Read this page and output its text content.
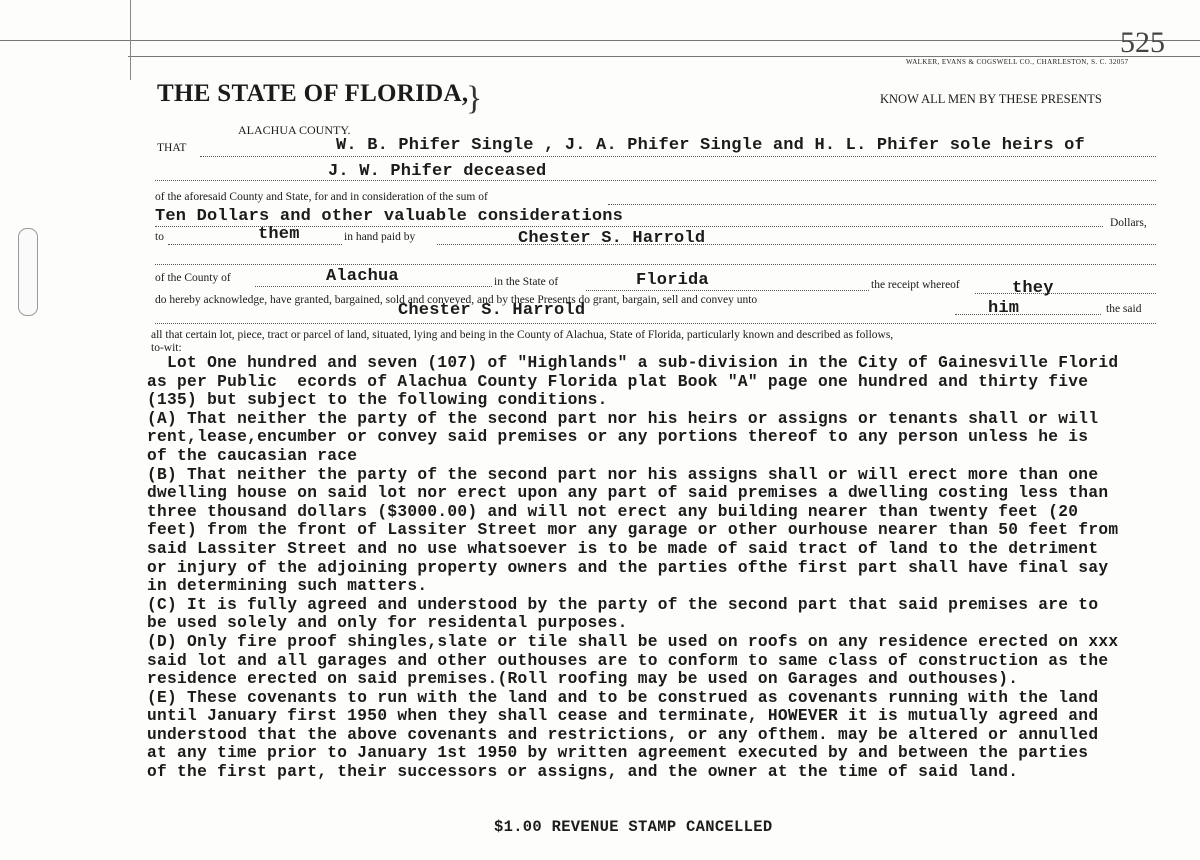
525
WALKER, EVANS & COGSWELL CO., CHARLESTON, S. C. 32057
THE STATE OF FLORIDA,
}
ALACHUA COUNTY.
KNOW ALL MEN BY THESE PRESENTS
THAT	W. B. Phifer Single , J. A. Phifer Single and H. L. Phifer sole heirs of
J. W. Phifer deceased
of the aforesaid County and State, for and in consideration of the sum of
Ten Dollars and other valuable considerations	Dollars,
to	them	in hand paid by	Chester S. Harrold
of the County of	Alachua	in the State of	Florida	the receipt whereof	they
do hereby acknowledge, have granted, bargained, sold and conveyed, and by these Presents do grant, bargain, sell and convey unto
Chester S. Harrold	him	the said
all that certain lot, piece, tract or parcel of land, situated, lying and being in the County of Alachua, State of Florida, particularly known and described as follows,
to-wit:
Lot One hundred and seven (107) of "Highlands" a sub-division in the City of Gainesville Florid
as per Public  ecords of Alachua County Florida plat Book "A" page one hundred and thirty five
(135) but subject to the following conditions.
(A) That neither the party of the second part nor his heirs or assigns or tenants shall or will
rent,lease,encumber or convey said premises or any portions thereof to any person unless he is
of the caucasian race
(B) That neither the party of the second part nor his assigns shall or will erect more than one
dwelling house on said lot nor erect upon any part of said premises a dwelling costing less than
three thousand dollars ($3000.00) and will not erect any building nearer than twenty feet (20
feet) from the front of Lassiter Street mor any garage or other ourhouse nearer than 50 feet from
said Lassiter Street and no use whatsoever is to be made of said tract of land to the detriment
or injury of the adjoining property owners and the parties ofthe first part shall have final say
in determining such matters.
(C) It is fully agreed and understood by the party of the second part that said premises are to
be used solely and only for residental purposes.
(D) Only fire proof shingles,slate or tile shall be used on roofs on any residence erected on xxx
said lot and all garages and other outhouses are to conform to same class of construction as the
residence erected on said premises.(Roll roofing may be used on Garages and outhouses).
(E) These covenants to run with the land and to be construed as covenants running with the land
until January first 1950 when they shall cease and terminate, HOWEVER it is mutually agreed and
understood that the above covenants and restrictions, or any ofthem. may be altered or annulled
at any time prior to January 1st 1950 by written agreement executed by and between the parties
of the first part, their successors or assigns, and the owner at the time of said land.
$1.00 REVENUE STAMP CANCELLED
